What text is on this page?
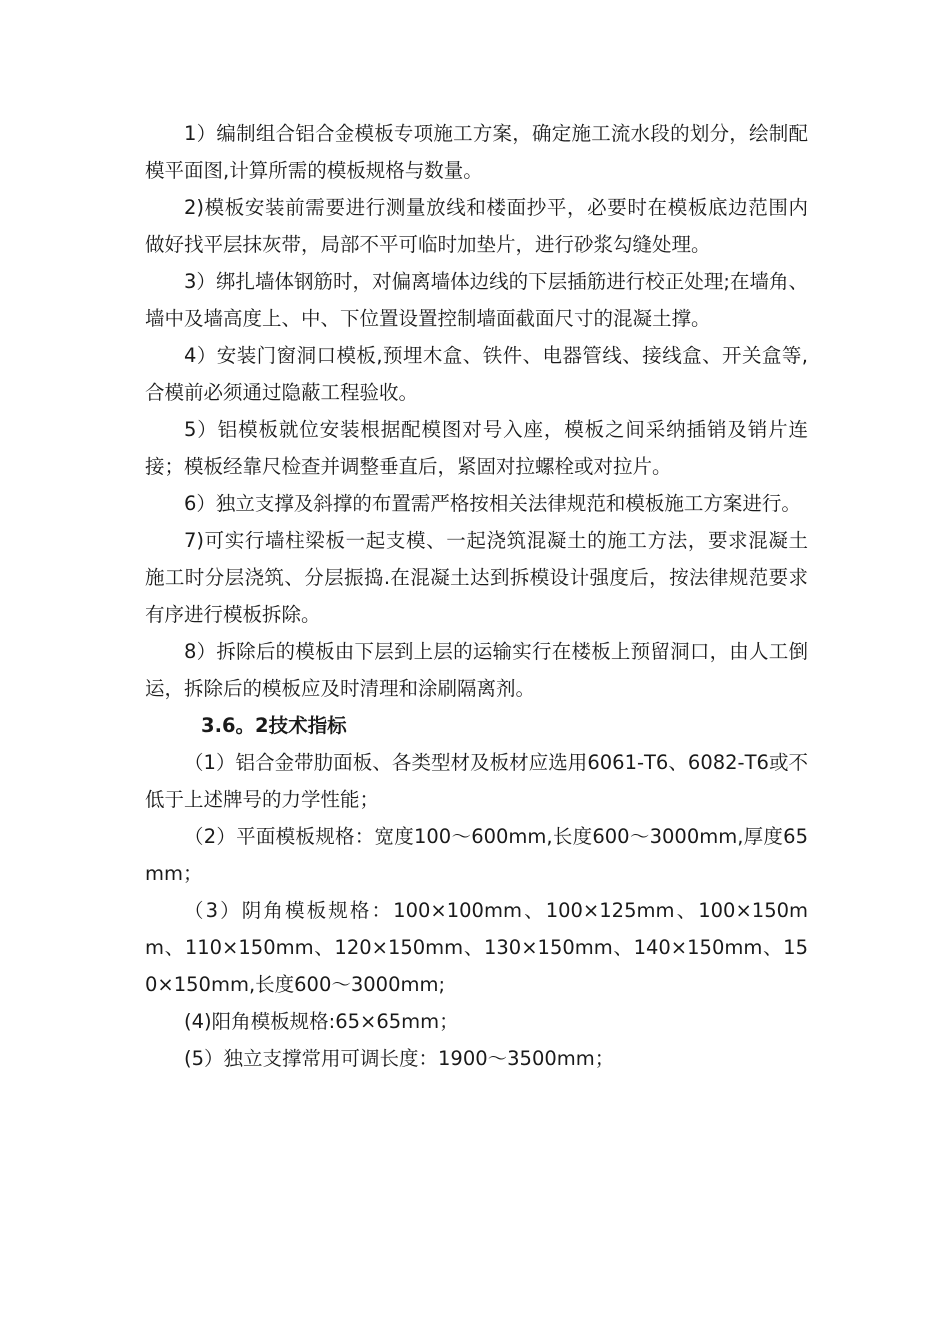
1）编制组合铝合金模板专项施工方案，确定施工流水段的划分，绘制配模平面图,计算所需的模板规格与数量。

2)模板安装前需要进行测量放线和楼面抄平，必要时在模板底边范围内做好找平层抹灰带，局部不平可临时加垫片，进行砂浆勾缝处理。

3）绑扎墙体钢筋时，对偏离墙体边线的下层插筋进行校正处理;在墙角、墙中及墙高度上、中、下位置设置控制墙面截面尺寸的混凝土撑。

4）安装门窗洞口模板,预埋木盒、铁件、电器管线、接线盒、开关盒等,合模前必须通过隐蔽工程验收。

5）铝模板就位安装根据配模图对号入座，模板之间采纳插销及销片连接；模板经靠尺检查并调整垂直后，紧固对拉螺栓或对拉片。

6）独立支撑及斜撑的布置需严格按相关法律规范和模板施工方案进行。

7)可实行墙柱梁板一起支模、一起浇筑混凝土的施工方法，要求混凝土施工时分层浇筑、分层振捣.在混凝土达到拆模设计强度后，按法律规范要求有序进行模板拆除。

8）拆除后的模板由下层到上层的运输实行在楼板上预留洞口，由人工倒运，拆除后的模板应及时清理和涂刷隔离剂。

3.6。2技术指标

（1）铝合金带肋面板、各类型材及板材应选用6061-T6、6082-T6或不低于上述牌号的力学性能；

（2）平面模板规格：宽度100～600mm,长度600～3000mm,厚度65mm；

（3）阴角模板规格：100×100mm、100×125mm、100×150mm、110×150mm、120×150mm、130×150mm、140×150mm、150×150mm,长度600～3000mm;

(4)阳角模板规格:65×65mm；

(5）独立支撑常用可调长度：1900～3500mm；
